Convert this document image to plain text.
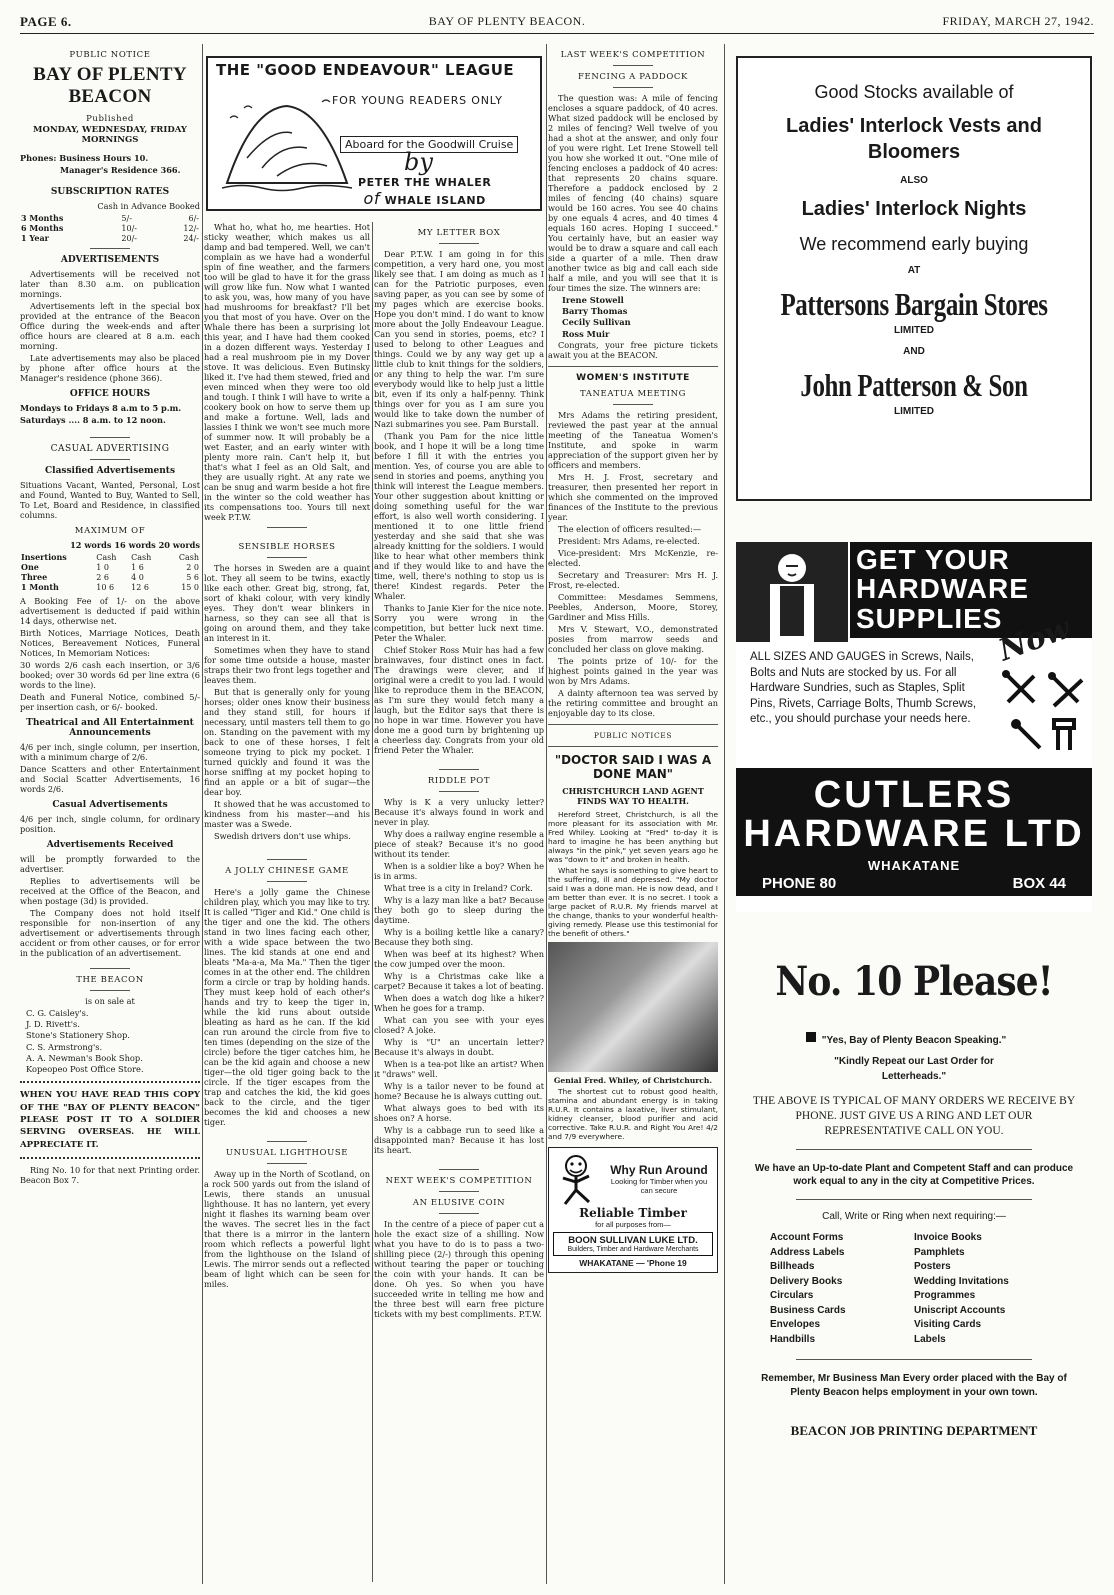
PAGE 6.	BAY OF PLENTY BEACON.	FRIDAY, MARCH 27, 1942.
PUBLIC NOTICE
BAY OF PLENTY BEACON
Published
MONDAY, WEDNESDAY, FRIDAY MORNINGS
Phones: Business Hours 10.
Manager's Residence 366.
SUBSCRIPTION RATES
Cash in Advance Booked
3 Months	5/-	6/-
6 Months	10/-	12/-
1 Year	20/-	24/-
ADVERTISEMENTS
Advertisements will be received not later than 8.30 a.m. on publication mornings.
Advertisements left in the special box provided at the entrance of the Beacon Office during the week-ends and after office hours are cleared at 8 a.m. each morning.
Late advertisements may also be placed by phone after office hours at the Manager's residence (phone 366).
OFFICE HOURS
Mondays to Fridays 8 a.m to 5 p.m.
Saturdays .... 8 a.m. to 12 noon.
CASUAL ADVERTISING
Classified Advertisements
Situations Vacant, Wanted, Personal, Lost and Found, Wanted to Buy, Wanted to Sell, To Let, Board and Residence, in classified columns.
MAXIMUM OF
12 words 16 words 20 words
Insertions	Cash	Cash	Cash
One	1 0	1 6	2 0
Three	2 6	4 0	5 6
1 Month	10 6	12 6	15 0
A Booking Fee of 1/- on the above advertisement is deducted if paid within 14 days, otherwise net.
Birth Notices, Marriage Notices, Death Notices, Bereavement Notices, Funeral Notices, In Memoriam Notices:
30 words 2/6 cash each insertion, or 3/6 booked; over 30 words 6d per line extra (6 words to the line).
Death and Funeral Notice, combined 5/- per insertion cash, or 6/- booked.
Theatrical and All Entertainment Announcements
4/6 per inch, single column, per insertion, with a minimum charge of 2/6.
Dance Scatters and other Entertainment and Social Scatter Advertisements, 16 words 2/6.
Casual Advertisements
4/6 per inch, single column, for ordinary position.
Advertisements Received
will be promptly forwarded to the advertiser.
Replies to advertisements will be received at the Office of the Beacon, and when postage (3d) is provided.
The Company does not hold itself responsible for non-insertion of any advertisement or advertisements through accident or from other causes, or for error in the publication of an advertisement.
THE BEACON
is on sale at
C. G. Caisley's.
J. D. Rivett's.
Stone's Stationery Shop.
C. S. Armstrong's.
A. A. Newman's Book Shop.
Kopeopeo Post Office Store.
WHEN YOU HAVE READ THIS COPY OF THE "BAY OF PLENTY BEACON" PLEASE POST IT TO A SOLDIER SERVING OVERSEAS. HE WILL APPRECIATE IT.
Ring No. 10 for that next Printing order. Beacon Box 7.
THE "GOOD ENDEAVOUR" LEAGUE
FOR YOUNG READERS ONLY
Aboard for the Goodwill Cruise
by
PETER THE WHALER
of WHALE ISLAND
What ho, what ho, me hearties. Hot sticky weather, which makes us all damp and bad tempered. Well, we can't complain as we have had a wonderful spin of fine weather, and the farmers too will be glad to have it for the grass will grow like fun. Now what I wanted to ask you, was, how many of you have had mushrooms for breakfast? I'll bet you that most of you have. Over on the Whale there has been a surprising lot this year, and I have had them cooked in a dozen different ways. Yesterday I had a real mushroom pie in my Dover stove. It was delicious. Even Butinsky liked it. I've had them stewed, fried and even minced when they were too old and tough. I think I will have to write a cookery book on how to serve them up and make a fortune. Well, lads and lassies I think we won't see much more of summer now. It will probably be a wet Easter, and an early winter with plenty more rain. Can't help it, but that's what I feel as an Old Salt, and they are usually right. At any rate we can be snug and warm beside a hot fire in the winter so the cold weather has its compensations too. Yours till next week P.T.W.
SENSIBLE HORSES
The horses in Sweden are a quaint lot. They all seem to be twins, exactly like each other. Great big, strong, fat, sort of khaki colour, with very kindly eyes. They don't wear blinkers in harness, so they can see all that is going on around them, and they take an interest in it.
Sometimes when they have to stand for some time outside a house, master straps their two front legs together and leaves them.
But that is generally only for young horses; older ones know their business and they stand still, for hours if necessary, until masters tell them to go on. Standing on the pavement with my back to one of these horses, I felt someone trying to pick my pocket. I turned quickly and found it was the horse sniffing at my pocket hoping to find an apple or a bit of sugar—the dear boy.
It showed that he was accustomed to kindness from his master—and his master was a Swede.
Swedish drivers don't use whips.
A JOLLY CHINESE GAME
Here's a jolly game the Chinese children play, which you may like to try. It is called "Tiger and Kid." One child is the tiger and one the kid. The others stand in two lines facing each other, with a wide space between the two lines. The kid stands at one end and bleats "Ma-a-a, Ma Ma." Then the tiger comes in at the other end. The children form a circle or trap by holding hands. They must keep hold of each other's hands and try to keep the tiger in, while the kid runs about outside bleating as hard as he can. If the kid can run around the circle from five to ten times (depending on the size of the circle) before the tiger catches him, he can be the kid again and choose a new tiger—the old tiger going back to the circle. If the tiger escapes from the trap and catches the kid, the kid goes back to the circle, and the tiger becomes the kid and chooses a new tiger.
UNUSUAL LIGHTHOUSE
Away up in the North of Scotland, on a rock 500 yards out from the island of Lewis, there stands an unusual lighthouse. It has no lantern, yet every night it flashes its warning beam over the waves. The secret lies in the fact that there is a mirror in the lantern room which reflects a powerful light from the lighthouse on the Island of Lewis. The mirror sends out a reflected beam of light which can be seen for miles.
MY LETTER BOX
Dear P.T.W. I am going in for this competition, a very hard one, you most likely see that. I am doing as much as I can for the Patriotic purposes, even saving paper, as you can see by some of my pages which are exercise books. Hope you don't mind. I do want to know more about the Jolly Endeavour League. Can you send in stories, poems, etc? I used to belong to other Leagues and things. Could we by any way get up a little club to knit things for the soldiers, or any thing to help the war. I'm sure everybody would like to help just a little bit, even if its only a half-penny. Think things over for you as I am sure you would like to take down the number of Nazi submarines you see. Pam Burstall.
(Thank you Pam for the nice little book, and I hope it will be a long time before I fill it with the entries you mention. Yes, of course you are able to send in stories and poems, anything you think will interest the League members. Your other suggestion about knitting or doing something useful for the war effort, is also well worth considering. I mentioned it to one little friend yesterday and she said that she was already knitting for the soldiers. I would like to hear what other members think and if they would like to and have the time, well, there's nothing to stop us is there! Kindest regards. Peter the Whaler.
Thanks to Janie Kier for the nice note. Sorry you were wrong in the competition, but better luck next time. Peter the Whaler.
Chief Stoker Ross Muir has had a few brainwaves, four distinct ones in fact. The drawings were clever, and if original were a credit to you lad. I would like to reproduce them in the BEACON, as I'm sure they would fetch many a laugh, but the Editor says that there is no hope in war time. However you have done me a good turn by brightening up a cheerless day. Congrats from your old friend Peter the Whaler.
RIDDLE POT
Why is K a very unlucky letter? Because it's always found in work and never in play.
Why does a railway engine resemble a piece of steak? Because it's no good without its tender.
When is a soldier like a boy? When he is in arms.
What tree is a city in Ireland? Cork.
Why is a lazy man like a bat? Because they both go to sleep during the daytime.
Why is a boiling kettle like a canary? Because they both sing.
When was beef at its highest? When the cow jumped over the moon.
Why is a Christmas cake like a carpet? Because it takes a lot of beating.
When does a watch dog like a hiker? When he goes for a tramp.
What can you see with your eyes closed? A joke.
Why is "U" an uncertain letter? Because it's always in doubt.
When is a tea-pot like an artist? When it "draws" well.
Why is a tailor never to be found at home? Because he is always cutting out.
What always goes to bed with its shoes on? A horse.
Why is a cabbage run to seed like a disappointed man? Because it has lost its heart.
NEXT WEEK'S COMPETITION
AN ELUSIVE COIN
In the centre of a piece of paper cut a hole the exact size of a shilling. Now what you have to do is to pass a two-shilling piece (2/-) through this opening without tearing the paper or touching the coin with your hands. It can be done. Oh yes. So when you have succeeded write in telling me how and the three best will earn free picture tickets with my best compliments. P.T.W.
LAST WEEK'S COMPETITION
FENCING A PADDOCK
The question was: A mile of fencing encloses a square paddock, of 40 acres. What sized paddock will be enclosed by 2 miles of fencing? Well twelve of you had a shot at the answer, and only four of you were right. Let Irene Stowell tell you how she worked it out. "One mile of fencing encloses a paddock of 40 acres: that represents 20 chains square. Therefore a paddock enclosed by 2 miles of fencing (40 chains) square would be 160 acres. You see 40 chains by one equals 4 acres, and 40 times 4 equals 160 acres. Hoping I succeed." You certainly have, but an easier way would be to draw a square and call each side a quarter of a mile. Then draw another twice as big and call each side half a mile, and you will see that it is four times the size. The winners are:
Irene Stowell
Barry Thomas
Cecily Sullivan
Ross Muir
Congrats, your free picture tickets await you at the BEACON.
WOMEN'S INSTITUTE
TANEATUA MEETING
Mrs Adams the retiring president, reviewed the past year at the annual meeting of the Taneatua Women's Institute, and spoke in warm appreciation of the support given her by officers and members.
Mrs H. J. Frost, secretary and treasurer, then presented her report in which she commented on the improved finances of the Institute to the previous year.
The election of officers resulted:—
President: Mrs Adams, re-elected.
Vice-president: Mrs McKenzie, re-elected.
Secretary and Treasurer: Mrs H. J. Frost, re-elected.
Committee: Mesdames Semmens, Peebles, Anderson, Moore, Storey, Gardiner and Miss Hills.
Mrs V. Stewart, V.O., demonstrated posies from marrow seeds and concluded her class on glove making.
The points prize of 10/- for the highest points gained in the year was won by Mrs Adams.
A dainty afternoon tea was served by the retiring committee and brought an enjoyable day to its close.
PUBLIC NOTICES
"DOCTOR SAID I WAS A DONE MAN"
CHRISTCHURCH LAND AGENT FINDS WAY TO HEALTH.
Hereford Street, Christchurch, is all the more pleasant for its association with Mr. Fred Whiley. Looking at "Fred" to-day it is hard to imagine he has been anything but always "in the pink," yet seven years ago he was "down to it" and broken in health.
What he says is something to give heart to the suffering, ill and depressed. "My doctor said I was a done man. He is now dead, and I am better than ever. It is no secret. I took a large packet of R.U.R. My friends marvel at the change, thanks to your wonderful health-giving remedy. Please use this testimonial for the benefit of others."
Genial Fred. Whiley, of Christchurch.
The shortest cut to robust good health, stamina and abundant energy is in taking R.U.R. It contains a laxative, liver stimulant, kidney cleanser, blood purifier and acid corrective. Take R.U.R. and Right You Are! 4/2 and 7/9 everywhere.
Why Run Around
Looking for Timber when you can secure
Reliable Timber
for all purposes from—
BOON SULLIVAN LUKE LTD.
Builders, Timber and Hardware Merchants
WHAKATANE — 'Phone 19
Good Stocks available of
Ladies' Interlock Vests and Bloomers
ALSO
Ladies' Interlock Nights
We recommend early buying
AT
Pattersons Bargain Stores
LIMITED
AND
John Patterson & Son
LIMITED
GET YOUR HARDWARE SUPPLIES
Now
ALL SIZES AND GAUGES in Screws, Nails, Bolts and Nuts are stocked by us. For all Hardware Sundries, such as Staples, Split Pins, Rivets, Carriage Bolts, Thumb Screws, etc., you should purchase your needs here.
CUTLERS
HARDWARE LTD
WHAKATANE
PHONE 80	BOX 44
No. 10 Please!
"Yes, Bay of Plenty Beacon Speaking."
"Kindly Repeat our Last Order for Letterheads."
THE ABOVE IS TYPICAL OF MANY ORDERS WE RECEIVE BY PHONE. JUST GIVE US A RING AND LET OUR REPRESENTATIVE CALL ON YOU.
We have an Up-to-date Plant and Competent Staff and can produce work equal to any in the city at Competitive Prices.
Call, Write or Ring when next requiring:—
Account Forms	Invoice Books
Address Labels	Pamphlets
Billheads	Posters
Delivery Books	Wedding Invitations
Circulars	Programmes
Business Cards	Uniscript Accounts
Envelopes	Visiting Cards
Handbills	Labels
Remember, Mr Business Man Every order placed with the Bay of Plenty Beacon helps employment in your own town.
BEACON JOB PRINTING DEPARTMENT
